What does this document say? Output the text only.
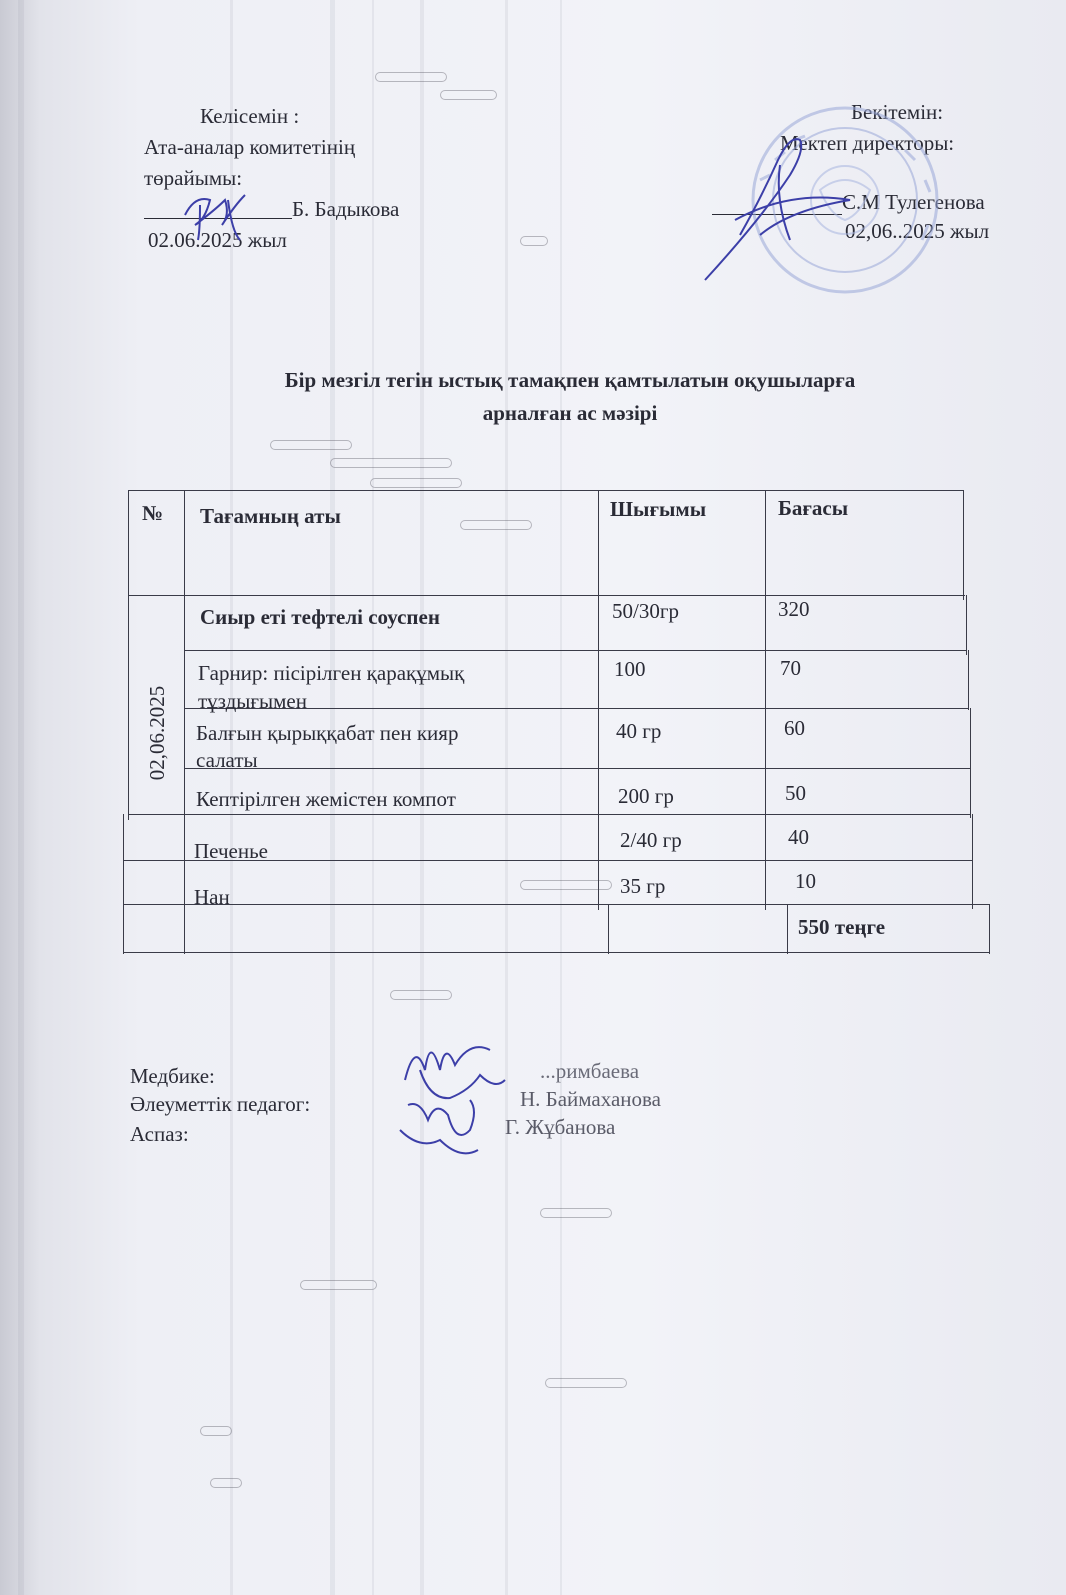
Келісемін :
Ата-аналар комитетінің
төрайымы:
Б. Бадыкова
02.06.2025 жыл
Бекітемін:
Мектеп директоры:
С.М Тулегенова
02,06..2025 жыл
Бір мезгіл тегін ыстық тамақпен қамтылатын оқушыларға
арналған ас мәзірі
№ Тағамның аты	Шығымы	Бағасы
02,06.2025
Сиыр еті тефтелі соуспен	50/30гр	320
Гарнир: пісірілген қарақұмық
тұздығымен
100	70
Балғын қырыққабат пен кияр
салаты
40 гр	60
Кептірілген жемістен компот	200 гр	50
Печенье	2/40 гр	40
Нан	35 гр	10
550 теңге
Медбике:	...римбаева
Әлеуметтік педагог:	Н. Баймаханова
Аспаз:	Г. Жұбанова
